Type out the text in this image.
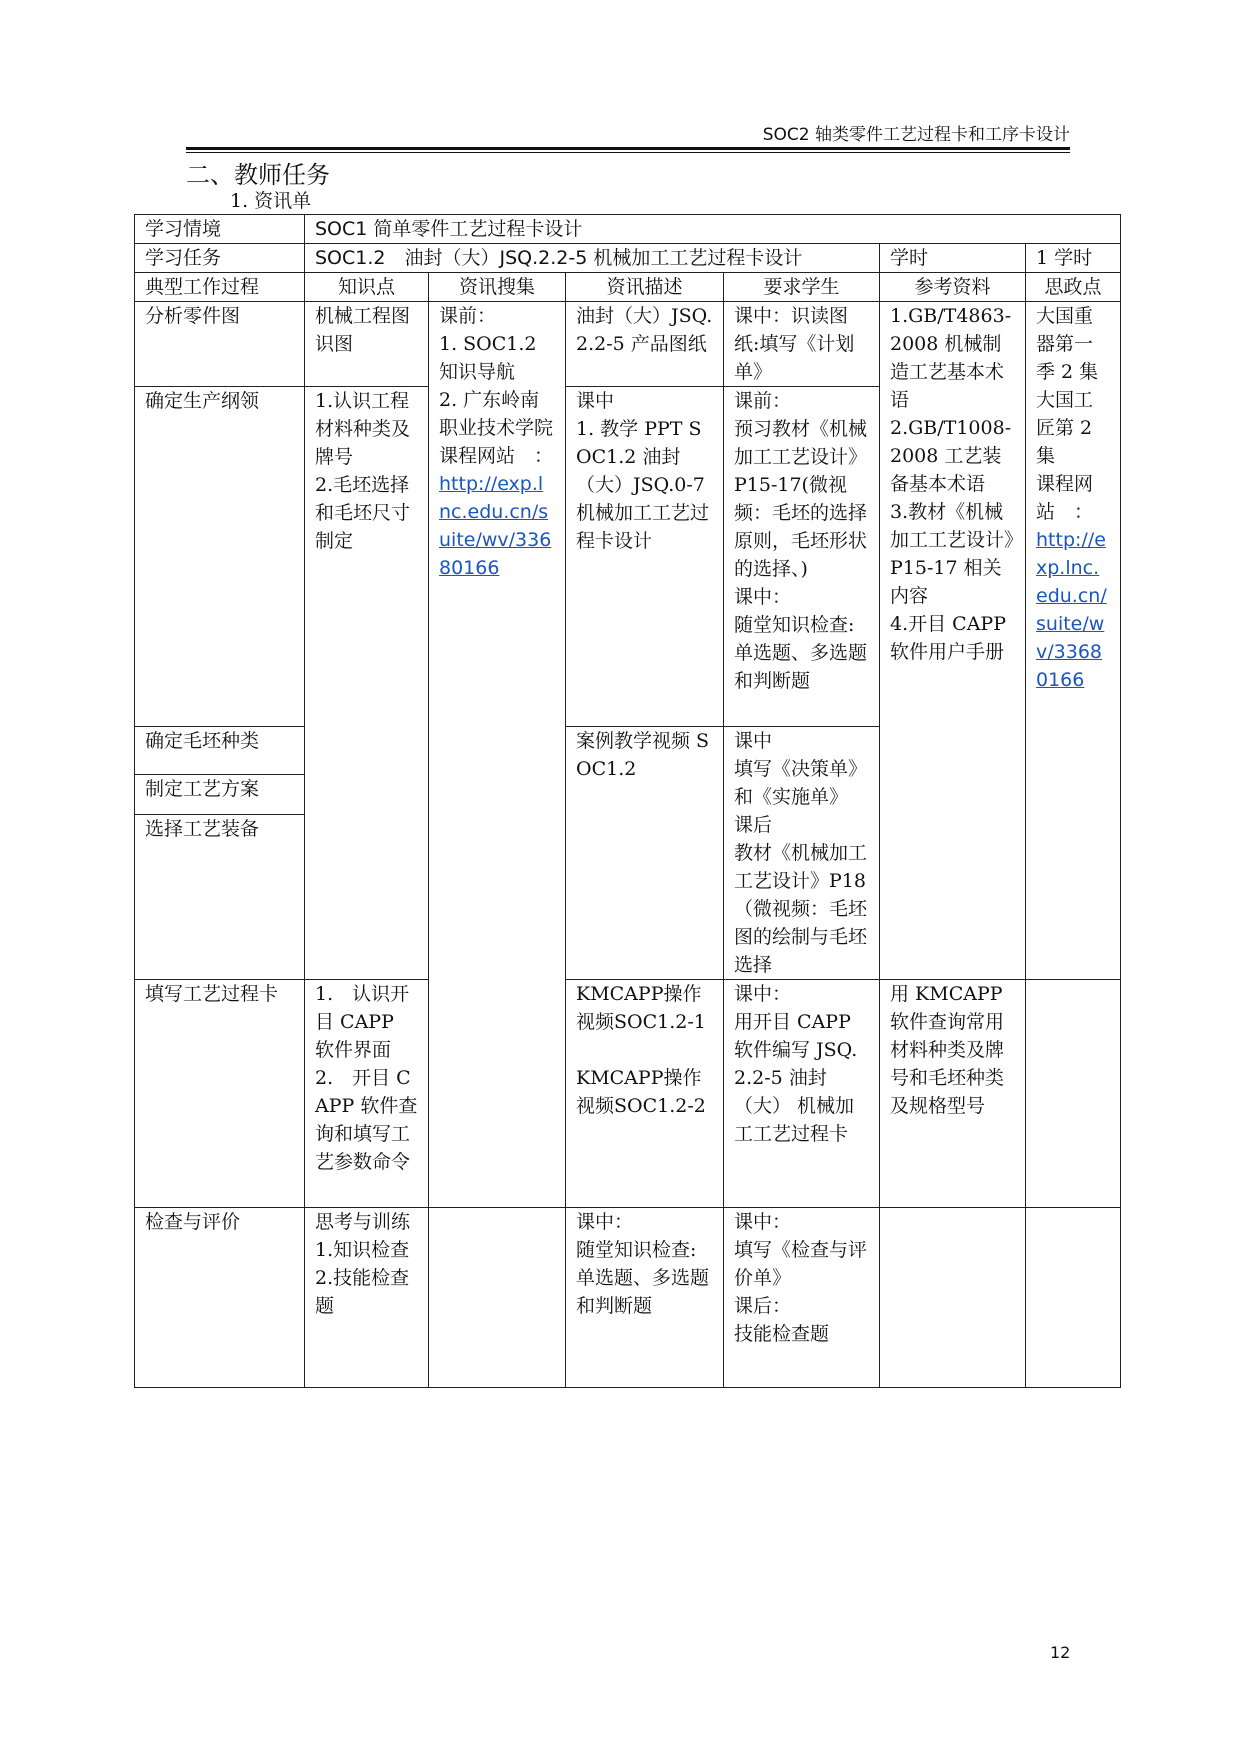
SOC2 轴类零件工艺过程卡和工序卡设计
二、教师任务
1. 资讯单
学习情境	SOC1 简单零件工艺过程卡设计					
学习任务	SOC1.2　油封（大）JSQ.2.2-5 机械加工工艺过程卡设计				学时	1 学时
典型工作过程	知识点	资讯搜集	资讯描述	要求学生	参考资料	思政点
分析零件图	机械工程图识图	课前：
1. SOC1.2 知识导航
2. 广东岭南职业技术学院课程网站　：
http://exp.lnc.edu.cn/suite/wv/33680166	油封（大）JSQ.2.2-5 产品图纸	课中：识读图纸:填写《计划单》	1.GB/T4863-2008 机械制造工艺基本术语
2.GB/T1008-2008 工艺装备基本术语
3.教材《机械加工工艺设计》P15-17 相关内容
4.开目 CAPP 软件用户手册	大国重器第一季 2 集
大国工匠第 2 集
课程网站　：
http://exp.lnc.edu.cn/suite/wv/33680166
确定生产纲领	1.认识工程材料种类及牌号
2.毛坯选择和毛坯尺寸制定		课中
1. 教学 PPT SOC1.2 油封（大）JSQ.0-7 机械加工工艺过程卡设计	课前：
预习教材《机械加工工艺设计》P15-17(微视频：毛坯的选择原则，毛坯形状的选择、)
课中：
随堂知识检查:单选题、多选题和判断题		
确定毛坯种类			案例教学视频 SOC1.2	课中
填写《决策单》和《实施单》
课后
教材《机械加工工艺设计》P18（微视频：毛坯图的绘制与毛坯选择		
制定工艺方案						
选择工艺装备						
填写工艺过程卡	1.　认识开目 CAPP 软件界面
2.　开目 CAPP 软件查询和填写工艺参数命令		KMCAPP操作视频SOC1.2-1

KMCAPP操作视频SOC1.2-2	课中：
用开目 CAPP 软件编写 JSQ.2.2-5 油封（大） 机械加工工艺过程卡	用 KMCAPP 软件查询常用材料种类及牌号和毛坯种类及规格型号	
检查与评价	思考与训练
1.知识检查
2.技能检查题		课中：
随堂知识检查:单选题、多选题和判断题	课中：
填写《检查与评价单》
课后：
技能检查题		
12
